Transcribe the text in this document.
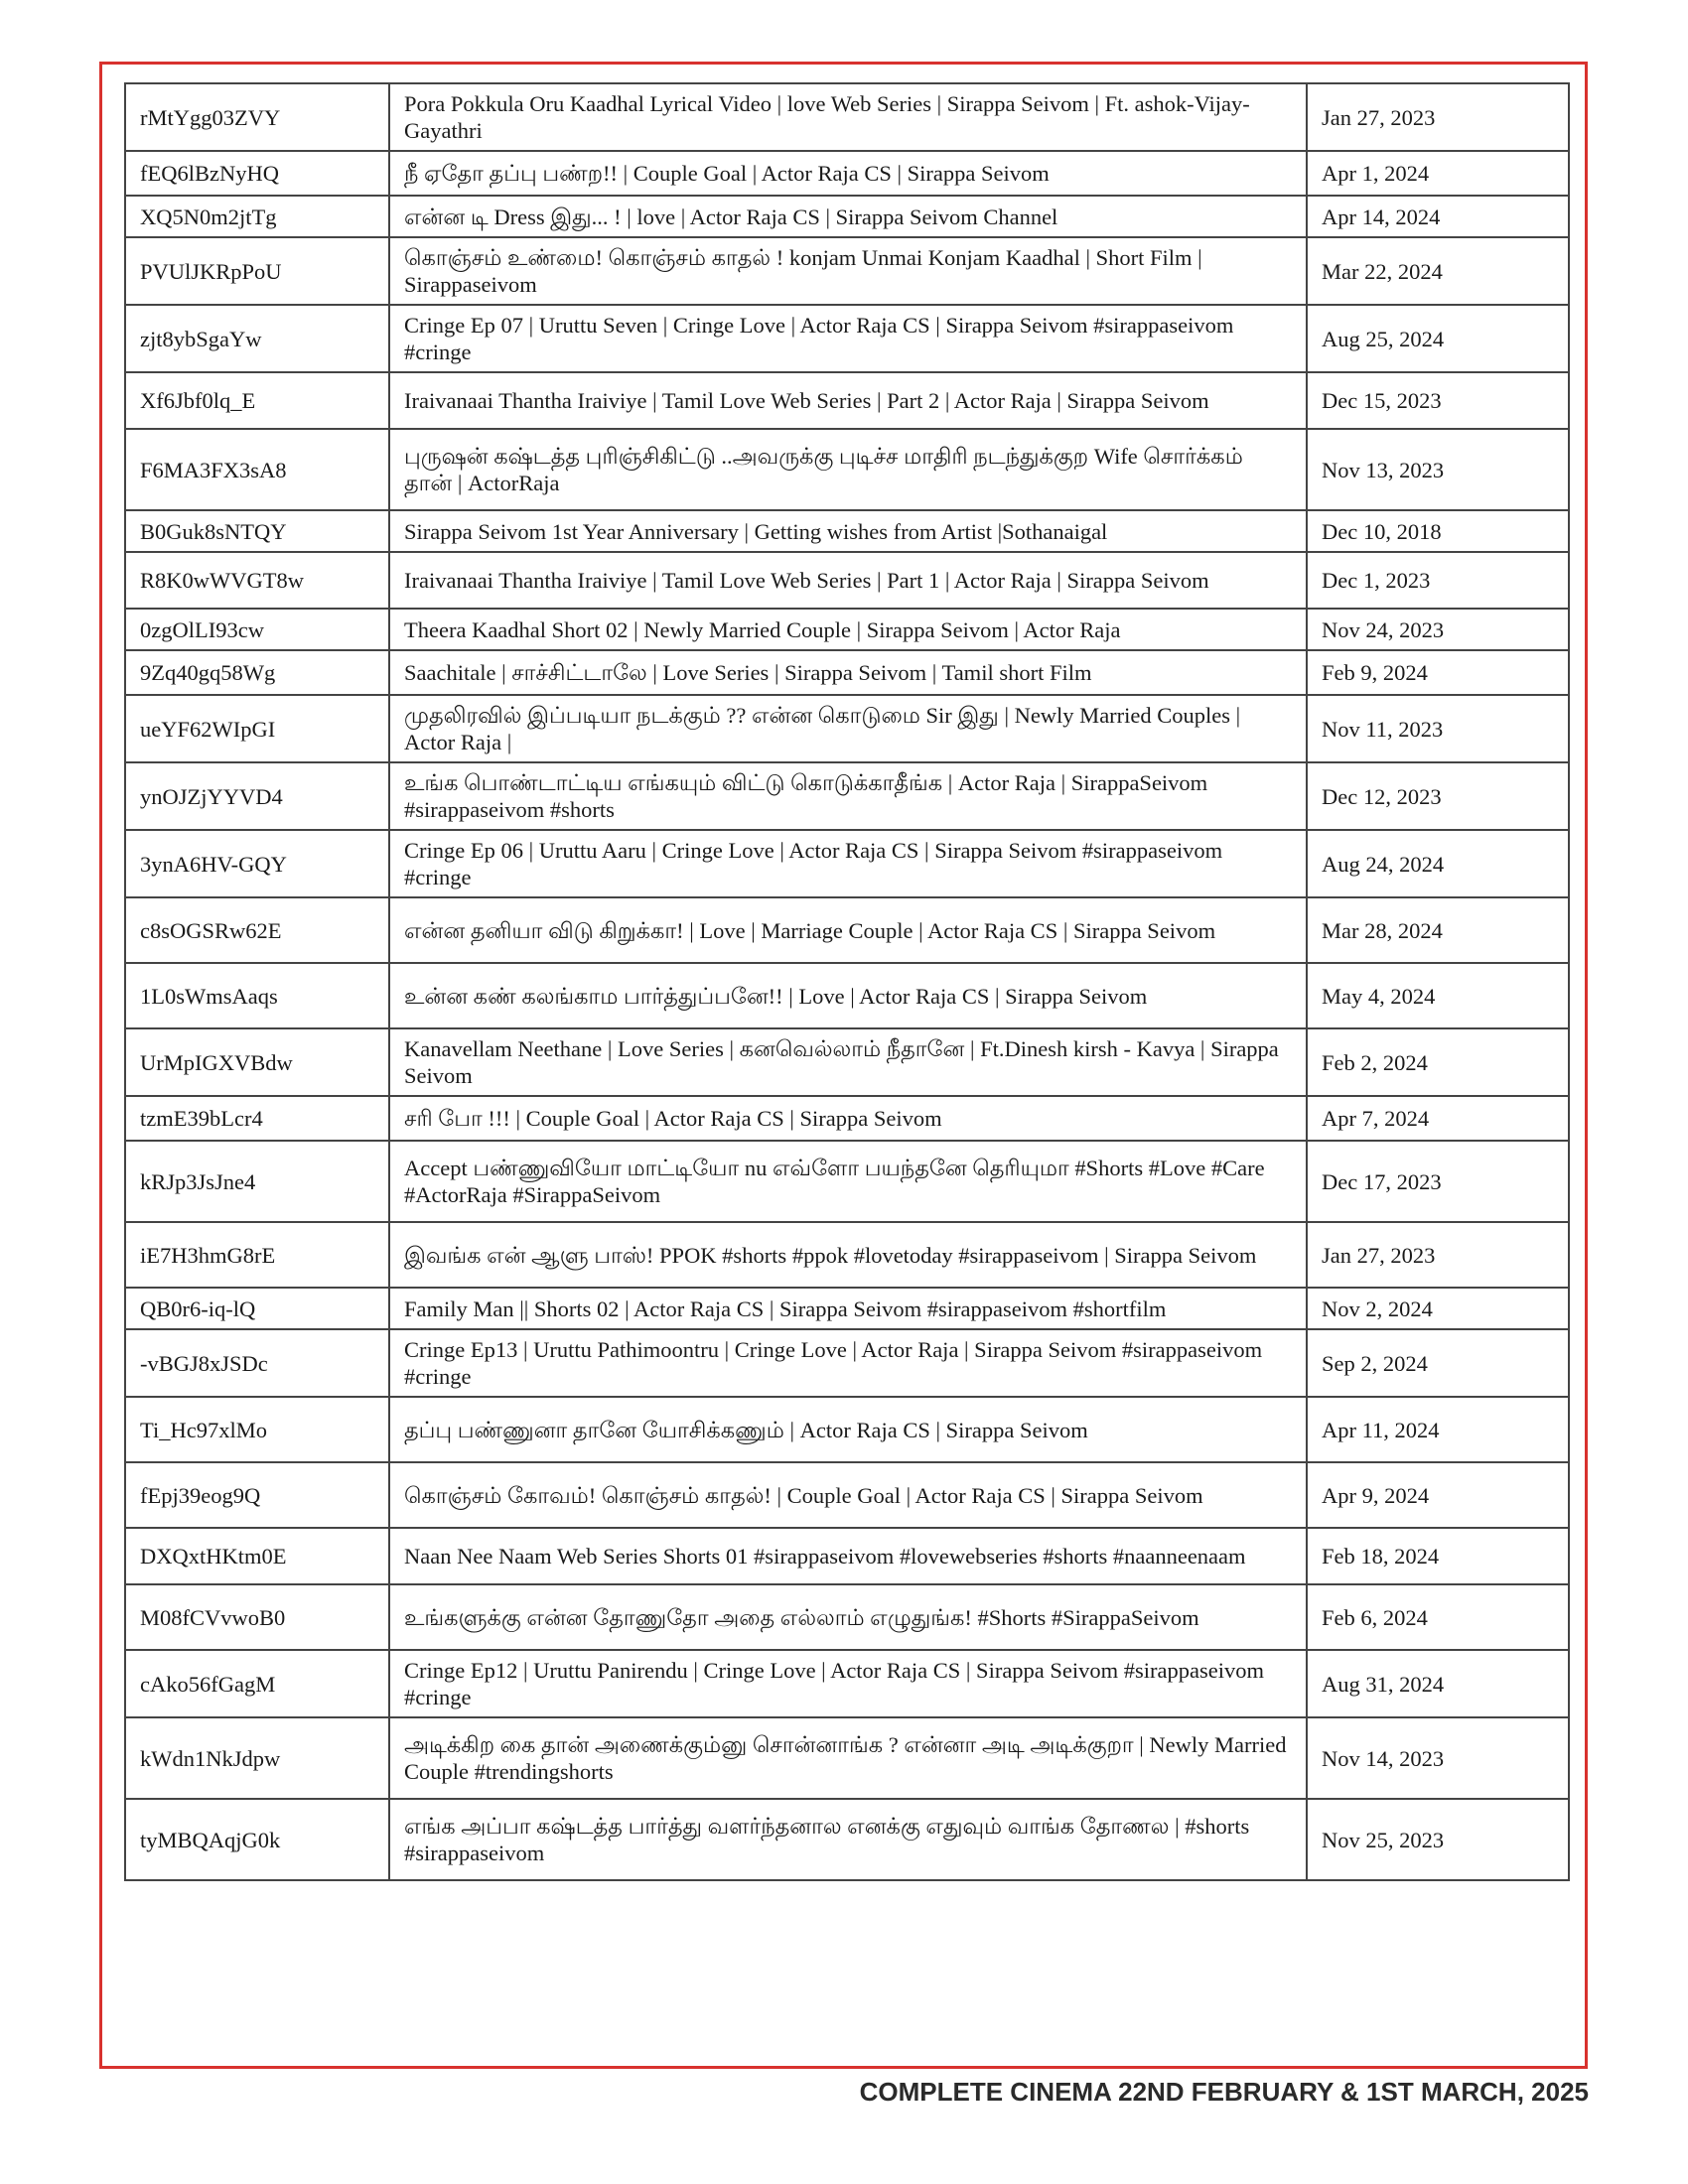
rMtYgg03ZVY	Pora Pokkula Oru Kaadhal Lyrical Video | love Web Series | Sirappa Seivom | Ft. ashok-Vijay-Gayathri	Jan 27, 2023
fEQ6lBzNyHQ	நீ ஏதோ தப்பு பண்ற!! | Couple Goal | Actor Raja CS | Sirappa Seivom	Apr 1, 2024
XQ5N0m2jtTg	என்ன டி Dress இது... ! | love | Actor Raja CS | Sirappa Seivom Channel	Apr 14, 2024
PVUlJKRpPoU	கொஞ்சம் உண்மை! கொஞ்சம் காதல் ! konjam Unmai Konjam Kaadhal | Short Film | Sirappaseivom	Mar 22, 2024
zjt8ybSgaYw	Cringe Ep 07 | Uruttu Seven | Cringe Love | Actor Raja CS | Sirappa Seivom #sirappaseivom #cringe	Aug 25, 2024
Xf6Jbf0lq_E	Iraivanaai Thantha Iraiviye | Tamil Love Web Series | Part 2 | Actor Raja | Sirappa Seivom	Dec 15, 2023
F6MA3FX3sA8	புருஷன் கஷ்டத்த புரிஞ்சிகிட்டு ..அவருக்கு புடிச்ச மாதிரி நடந்துக்குற Wife சொர்க்கம் தான் | ActorRaja	Nov 13, 2023
B0Guk8sNTQY	Sirappa Seivom 1st Year Anniversary | Getting wishes from Artist |Sothanaigal	Dec 10, 2018
R8K0wWVGT8w	Iraivanaai Thantha Iraiviye | Tamil Love Web Series | Part 1 | Actor Raja | Sirappa Seivom	Dec 1, 2023
0zgOlLI93cw	Theera Kaadhal Short 02 | Newly Married Couple | Sirappa Seivom | Actor Raja	Nov 24, 2023
9Zq40gq58Wg	Saachitale | சாச்சிட்டாலே | Love Series | Sirappa Seivom | Tamil short Film	Feb 9, 2024
ueYF62WIpGI	முதலிரவில் இப்படியா நடக்கும் ?? என்ன கொடுமை Sir இது | Newly Married Couples | Actor Raja |	Nov 11, 2023
ynOJZjYYVD4	உங்க பொண்டாட்டிய எங்கயும் விட்டு கொடுக்காதீங்க | Actor Raja | SirappaSeivom #sirappaseivom #shorts	Dec 12, 2023
3ynA6HV-GQY	Cringe Ep 06 | Uruttu Aaru | Cringe Love | Actor Raja CS | Sirappa Seivom #sirappaseivom #cringe	Aug 24, 2024
c8sOGSRw62E	என்ன தனியா விடு கிறுக்கா! | Love | Marriage Couple | Actor Raja CS | Sirappa Seivom	Mar 28, 2024
1L0sWmsAaqs	உன்ன கண் கலங்காம பார்த்துப்பனே!! | Love | Actor Raja CS | Sirappa Seivom	May 4, 2024
UrMpIGXVBdw	Kanavellam Neethane | Love Series | கனவெல்லாம் நீதானே | Ft.Dinesh kirsh - Kavya | Sirappa Seivom	Feb 2, 2024
tzmE39bLcr4	சரி போ !!! | Couple Goal | Actor Raja CS | Sirappa Seivom	Apr 7, 2024
kRJp3JsJne4	Accept பண்ணுவியோ மாட்டியோ nu எவ்ளோ பயந்தனே தெரியுமா #Shorts #Love #Care #ActorRaja #SirappaSeivom	Dec 17, 2023
iE7H3hmG8rE	இவங்க என் ஆளு பாஸ்! PPOK #shorts #ppok #lovetoday #sirappaseivom | Sirappa Seivom	Jan 27, 2023
QB0r6-iq-lQ	Family Man || Shorts 02 | Actor Raja CS | Sirappa Seivom #sirappaseivom #shortfilm	Nov 2, 2024
-vBGJ8xJSDc	Cringe Ep13 | Uruttu Pathimoontru | Cringe Love | Actor Raja | Sirappa Seivom #sirappaseivom #cringe	Sep 2, 2024
Ti_Hc97xlMo	தப்பு பண்ணுனா தானே யோசிக்கணும் | Actor Raja CS | Sirappa Seivom	Apr 11, 2024
fEpj39eog9Q	கொஞ்சம் கோவம்! கொஞ்சம் காதல்! | Couple Goal | Actor Raja CS | Sirappa Seivom	Apr 9, 2024
DXQxtHKtm0E	Naan Nee Naam Web Series Shorts 01 #sirappaseivom #lovewebseries #shorts #naanneenaam	Feb 18, 2024
M08fCVvwoB0	உங்களுக்கு என்ன தோணுதோ அதை எல்லாம் எழுதுங்க! #Shorts #SirappaSeivom	Feb 6, 2024
cAko56fGagM	Cringe Ep12 | Uruttu Panirendu | Cringe Love | Actor Raja CS | Sirappa Seivom #sirappaseivom #cringe	Aug 31, 2024
kWdn1NkJdpw	அடிக்கிற கை தான் அணைக்கும்னு சொன்னாங்க ? என்னா அடி அடிக்குறா | Newly Married Couple #trendingshorts	Nov 14, 2023
tyMBQAqjG0k	எங்க அப்பா கஷ்டத்த பார்த்து வளர்ந்தனால எனக்கு எதுவும் வாங்க தோணல | #shorts #sirappaseivom	Nov 25, 2023
COMPLETE CINEMA 22ND FEBRUARY & 1ST MARCH, 2025
